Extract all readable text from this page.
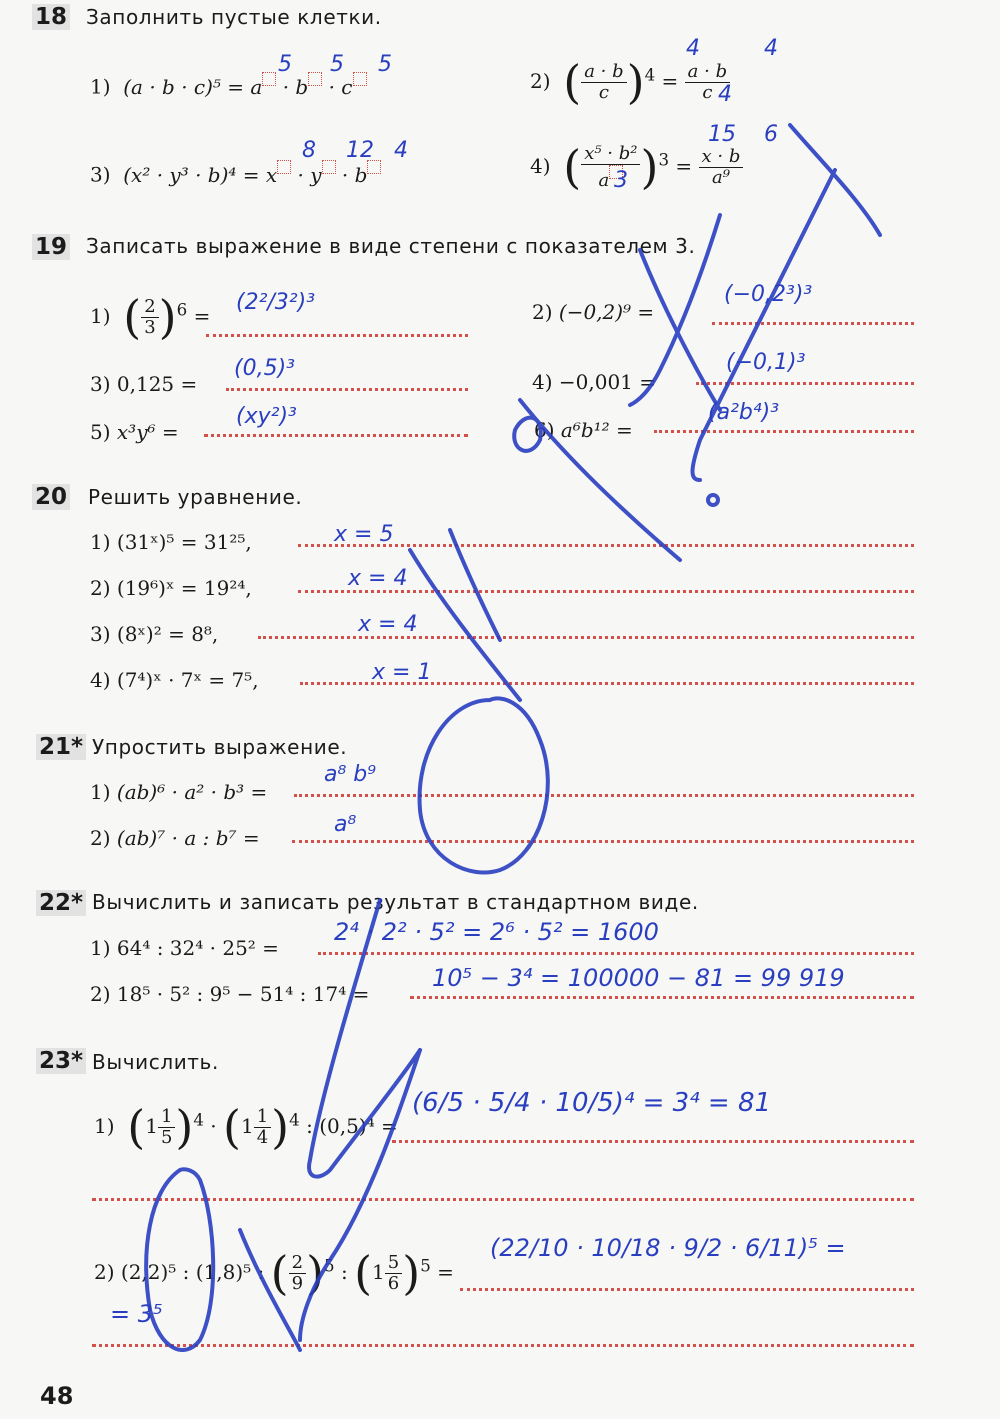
18 Заполнить пустые клетки.
1) (a · b · c)⁵ = a · b · c
5 5 5
2) ( $\frac{a \cdot b}{c} )^4 = \frac{a \cdot b}{c}$
4	4
4
3) (x² · y³ · b)⁴ = x · y · b
8 12 4
4) ( $\frac{\text{x⁵ · b²}}{a} )^3 = \frac{x \cdot b}{\text{a⁹}}$
3
15 6
19 Записать выражение в виде степени с показателем 3.
1) ( $\frac{2}{3} )^6$ =
(2²/3²)³	2) (−0,2)⁹ =
(−0,2³)³
3) 0,125 =
(0,5)³
4) −0,001 =
(−0,1)³
5) x³y⁶ =
(xy²)³
6) a⁶b¹² =
(a²b⁴)³
20 Решить уравнение.
1) (31ˣ)⁵ = 31²⁵,	x = 5
2) (19⁶)ˣ = 19²⁴,	x = 4
3) (8ˣ)² = 8⁸,	x = 4
4) (7⁴)ˣ · 7ˣ = 7⁵,	x = 1
21* Упростить выражение.
1) (ab)⁶ · a² · b³ =
a⁸ b⁹
2) (ab)⁷ · a : b⁷ =
a⁸
22* Вычислить и записать результат в стандартном виде.
1) 64⁴ : 32⁴ · 25² =
2⁴ · 2² · 5² = 2⁶ · 5² = 1600
2) 18⁵ · 5² : 9⁵ − 51⁴ : 17⁴ =
10⁵ − 3⁴ = 100000 − 81 = 99 919
23* Вычислить.
1) $(1 \frac{1}{5} )^4 \cdot (1 \frac{1}{4} )^4$ : (0,5)⁴ =
(6/5 · 5/4 · 10/5)⁴ = 3⁴ = 81
2) (2,2)⁵ : (1,8)⁵ : ( $\frac{2}{9} )^5$ : $(1 \frac{5}{6} )^5$ =
(22/10 · 10/18 · 9/2 · 6/11)⁵ =
= 3⁵
48
